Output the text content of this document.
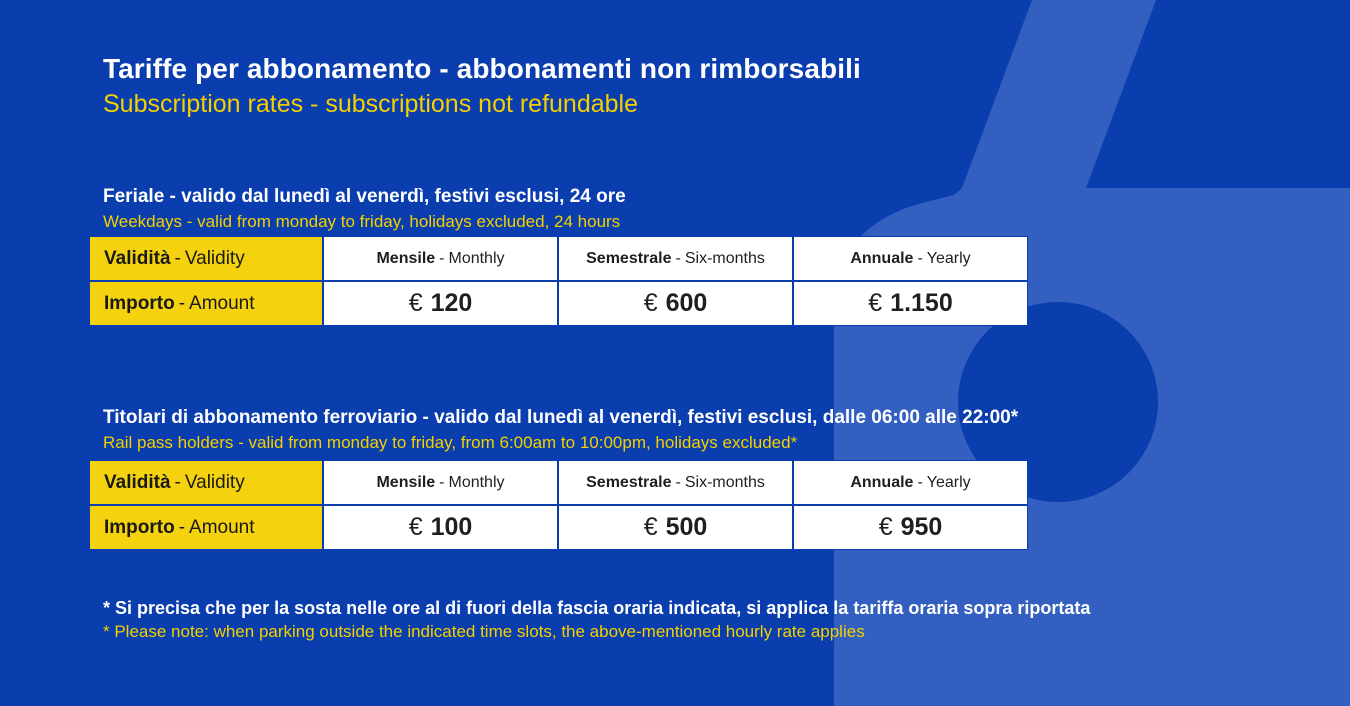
Tariffe per abbonamento - abbonamenti non rimborsabili
Subscription rates - subscriptions not refundable
Feriale - valido dal lunedì al venerdì, festivi esclusi, 24 ore
Weekdays - valid from monday to friday, holidays excluded, 24 hours
Titolari di abbonamento ferroviario - valido dal lunedì al venerdì, festivi esclusi, dalle 06:00 alle 22:00*
Rail pass holders - valid from monday to friday, from 6:00am to 10:00pm, holidays excluded*
* Si precisa che per la sosta nelle ore al di fuori della fascia oraria indicata, si applica la tariffa oraria sopra riportata
* Please note: when parking outside the indicated time slots, the above-mentioned hourly rate applies
Validità - Validity	Mensile - Monthly	Semestrale - Six-months	Annuale - Yearly
Importo - Amount	€ 120	€ 600	€ 1.150
Validità - Validity	Mensile - Monthly	Semestrale - Six-months	Annuale - Yearly
Importo - Amount	€ 100	€ 500	€ 950
